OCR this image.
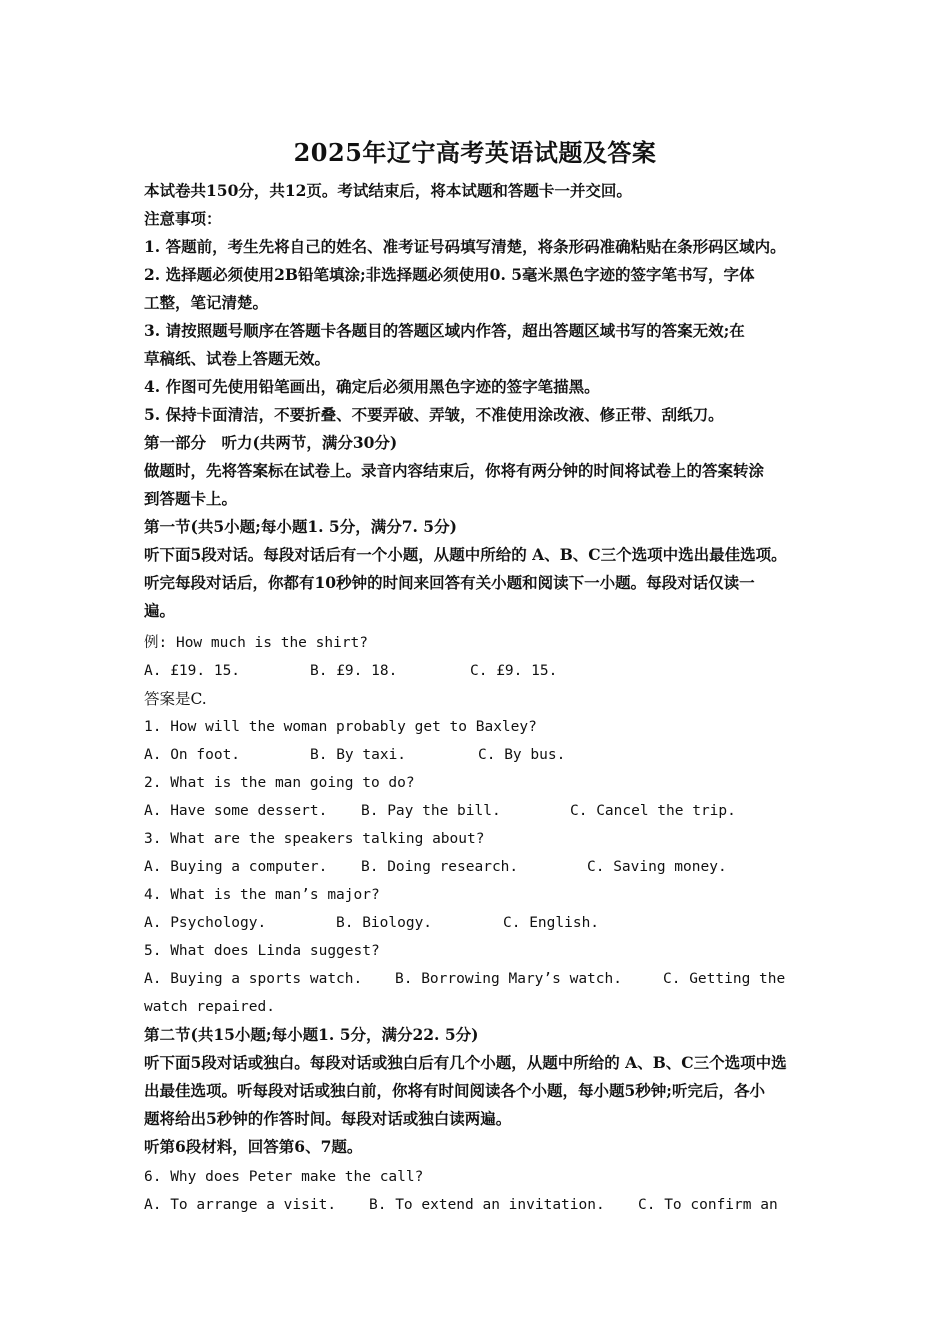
2025年辽宁高考英语试题及答案
本试卷共150分，共12页。考试结束后，将本试题和答题卡一并交回。
注意事项：
1. 答题前，考生先将自己的姓名、准考证号码填写清楚，将条形码准确粘贴在条形码区域内。
2. 选择题必须使用2B铅笔填涂;非选择题必须使用0. 5毫米黑色字迹的签字笔书写，字体
工整，笔记清楚。
3. 请按照题号顺序在答题卡各题目的答题区域内作答，超出答题区域书写的答案无效;在
草稿纸、试卷上答题无效。
4. 作图可先使用铅笔画出，确定后必须用黑色字迹的签字笔描黑。
5. 保持卡面清洁，不要折叠、不要弄破、弄皱，不准使用涂改液、修正带、刮纸刀。
第一部分　听力(共两节，满分30分)
做题时，先将答案标在试卷上。录音内容结束后，你将有两分钟的时间将试卷上的答案转涂
到答题卡上。
第一节(共5小题;每小题1. 5分，满分7. 5分)
听下面5段对话。每段对话后有一个小题，从题中所给的 A、B、C三个选项中选出最佳选项。
听完每段对话后，你都有10秒钟的时间来回答有关小题和阅读下一小题。每段对话仅读一
遍。
例: How much is the shirt?
A. £19. 15.	B. £9. 18.	C. £9. 15.
答案是C.
1. How will the woman probably get to Baxley?
A. On foot.	B. By taxi.	C. By bus.
2. What is the man going to do?
A. Have some dessert. B. Pay the bill.	C. Cancel the trip.
3. What are the speakers talking about?
A. Buying a computer. B. Doing research.	C. Saving money.
4. What is the man’s major?
A. Psychology.	B. Biology.	C. English.
5. What does Linda suggest?
A. Buying a sports watch. B. Borrowing Mary’s watch.	C. Getting the
watch repaired.
第二节(共15小题;每小题1. 5分，满分22. 5分)
听下面5段对话或独白。每段对话或独白后有几个小题，从题中所给的 A、B、C三个选项中选
出最佳选项。听每段对话或独白前，你将有时间阅读各个小题，每小题5秒钟;听完后，各小
题将给出5秒钟的作答时间。每段对话或独白读两遍。
听第6段材料，回答第6、7题。
6. Why does Peter make the call?
A. To arrange a visit. B. To extend an invitation. C. To confirm an
